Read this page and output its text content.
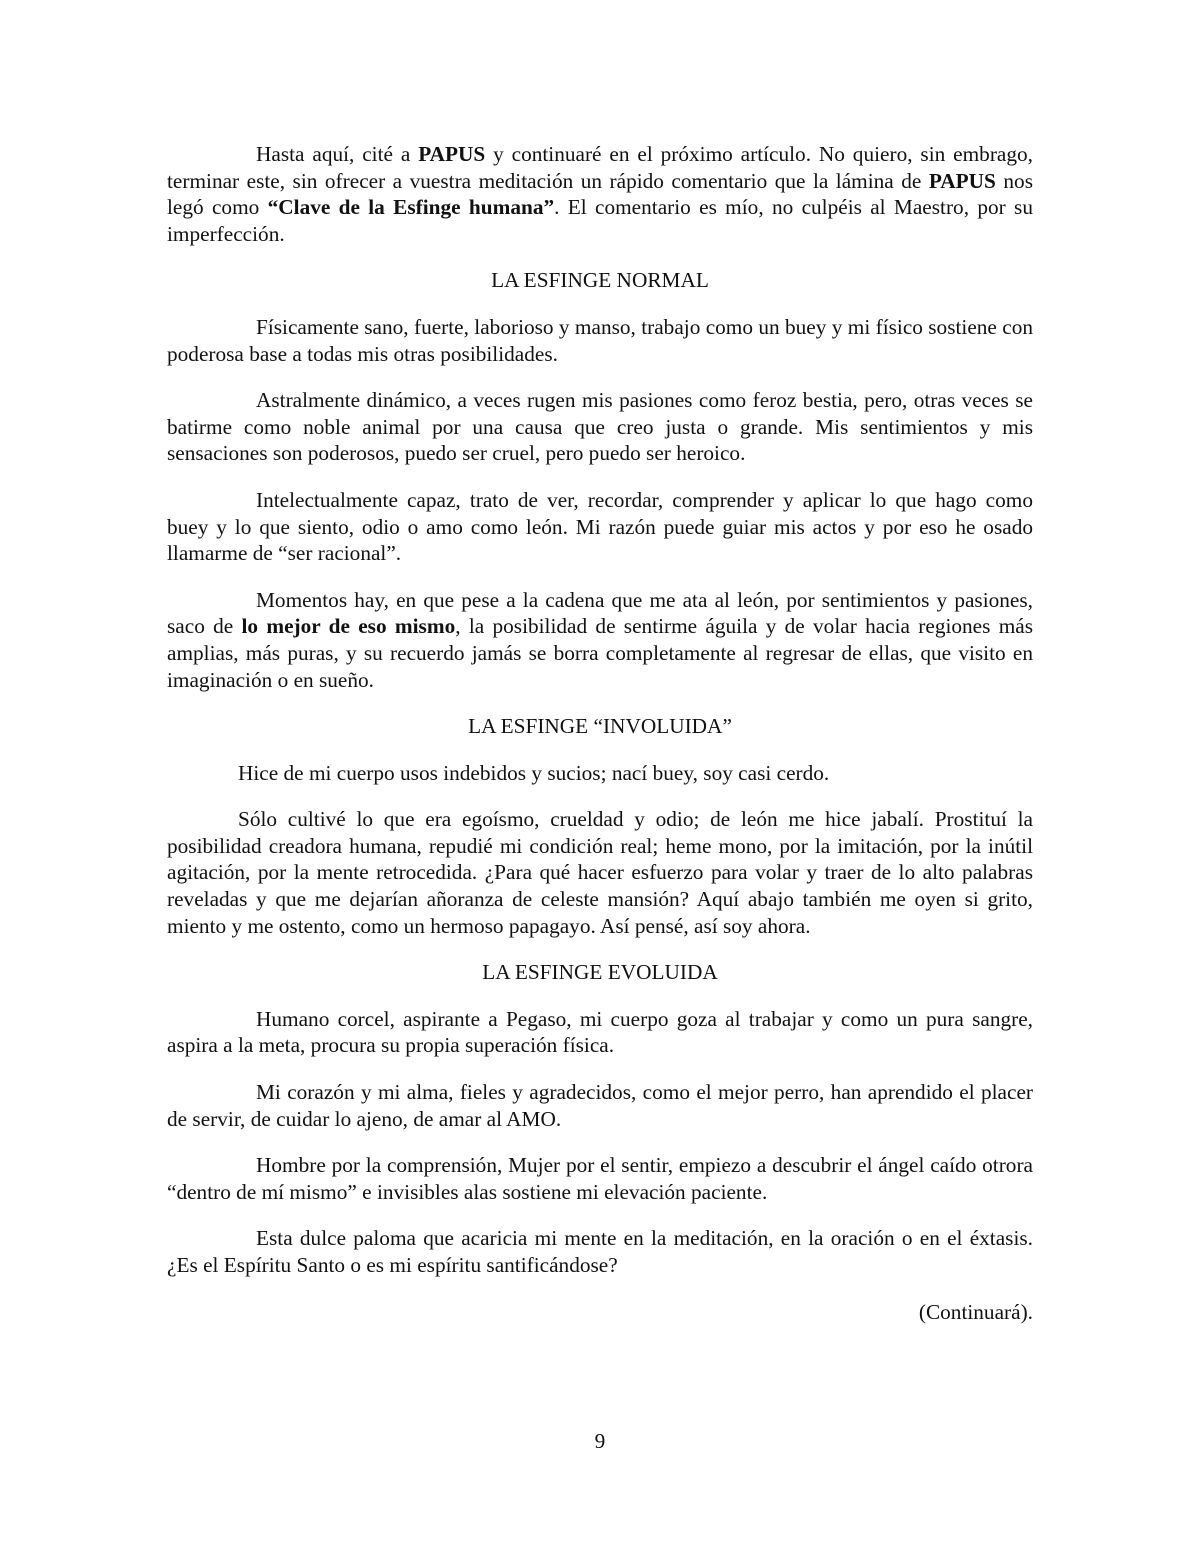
Hasta aquí, cité a PAPUS y continuaré en el próximo artículo. No quiero, sin embrago, terminar este, sin ofrecer a vuestra meditación un rápido comentario que la lámina de PAPUS nos legó como “Clave de la Esfinge humana”. El comentario es mío, no culpéis al Maestro, por su imperfección.

LA ESFINGE NORMAL

Físicamente sano, fuerte, laborioso y manso, trabajo como un buey y mi físico sostiene con poderosa base a todas mis otras posibilidades.

Astralmente dinámico, a veces rugen mis pasiones como feroz bestia, pero, otras veces se batirme como noble animal por una causa que creo justa o grande. Mis sentimientos y mis sensaciones son poderosos, puedo ser cruel, pero puedo ser heroico.

Intelectualmente capaz, trato de ver, recordar, comprender y aplicar lo que hago como buey y lo que siento, odio o amo como león. Mi razón puede guiar mis actos y por eso he osado llamarme de “ser racional”.

Momentos hay, en que pese a la cadena que me ata al león, por sentimientos y pasiones, saco de lo mejor de eso mismo, la posibilidad de sentirme águila y de volar hacia regiones más amplias, más puras, y su recuerdo jamás se borra completamente al regresar de ellas, que visito en imaginación o en sueño.

LA ESFINGE “INVOLUIDA”

Hice de mi cuerpo usos indebidos y sucios; nací buey, soy casi cerdo.

Sólo cultivé lo que era egoísmo, crueldad y odio; de león me hice jabalí. Prostituí la posibilidad creadora humana, repudié mi condición real; heme mono, por la imitación, por la inútil agitación, por la mente retrocedida. ¿Para qué hacer esfuerzo para volar y traer de lo alto palabras reveladas y que me dejarían añoranza de celeste mansión? Aquí abajo también me oyen si grito, miento y me ostento, como un hermoso papagayo. Así pensé, así soy ahora.

LA ESFINGE EVOLUIDA

Humano corcel, aspirante a Pegaso, mi cuerpo goza al trabajar y como un pura sangre, aspira a la meta, procura su propia superación física.

Mi corazón y mi alma, fieles y agradecidos, como el mejor perro, han aprendido el placer de servir, de cuidar lo ajeno, de amar al AMO.

Hombre por la comprensión, Mujer por el sentir, empiezo a descubrir el ángel caído otrora “dentro de mí mismo” e invisibles alas sostiene mi elevación paciente.

Esta dulce paloma que acaricia mi mente en la meditación, en la oración o en el éxtasis. ¿Es el Espíritu Santo o es mi espíritu santificándose?

(Continuará).

9
